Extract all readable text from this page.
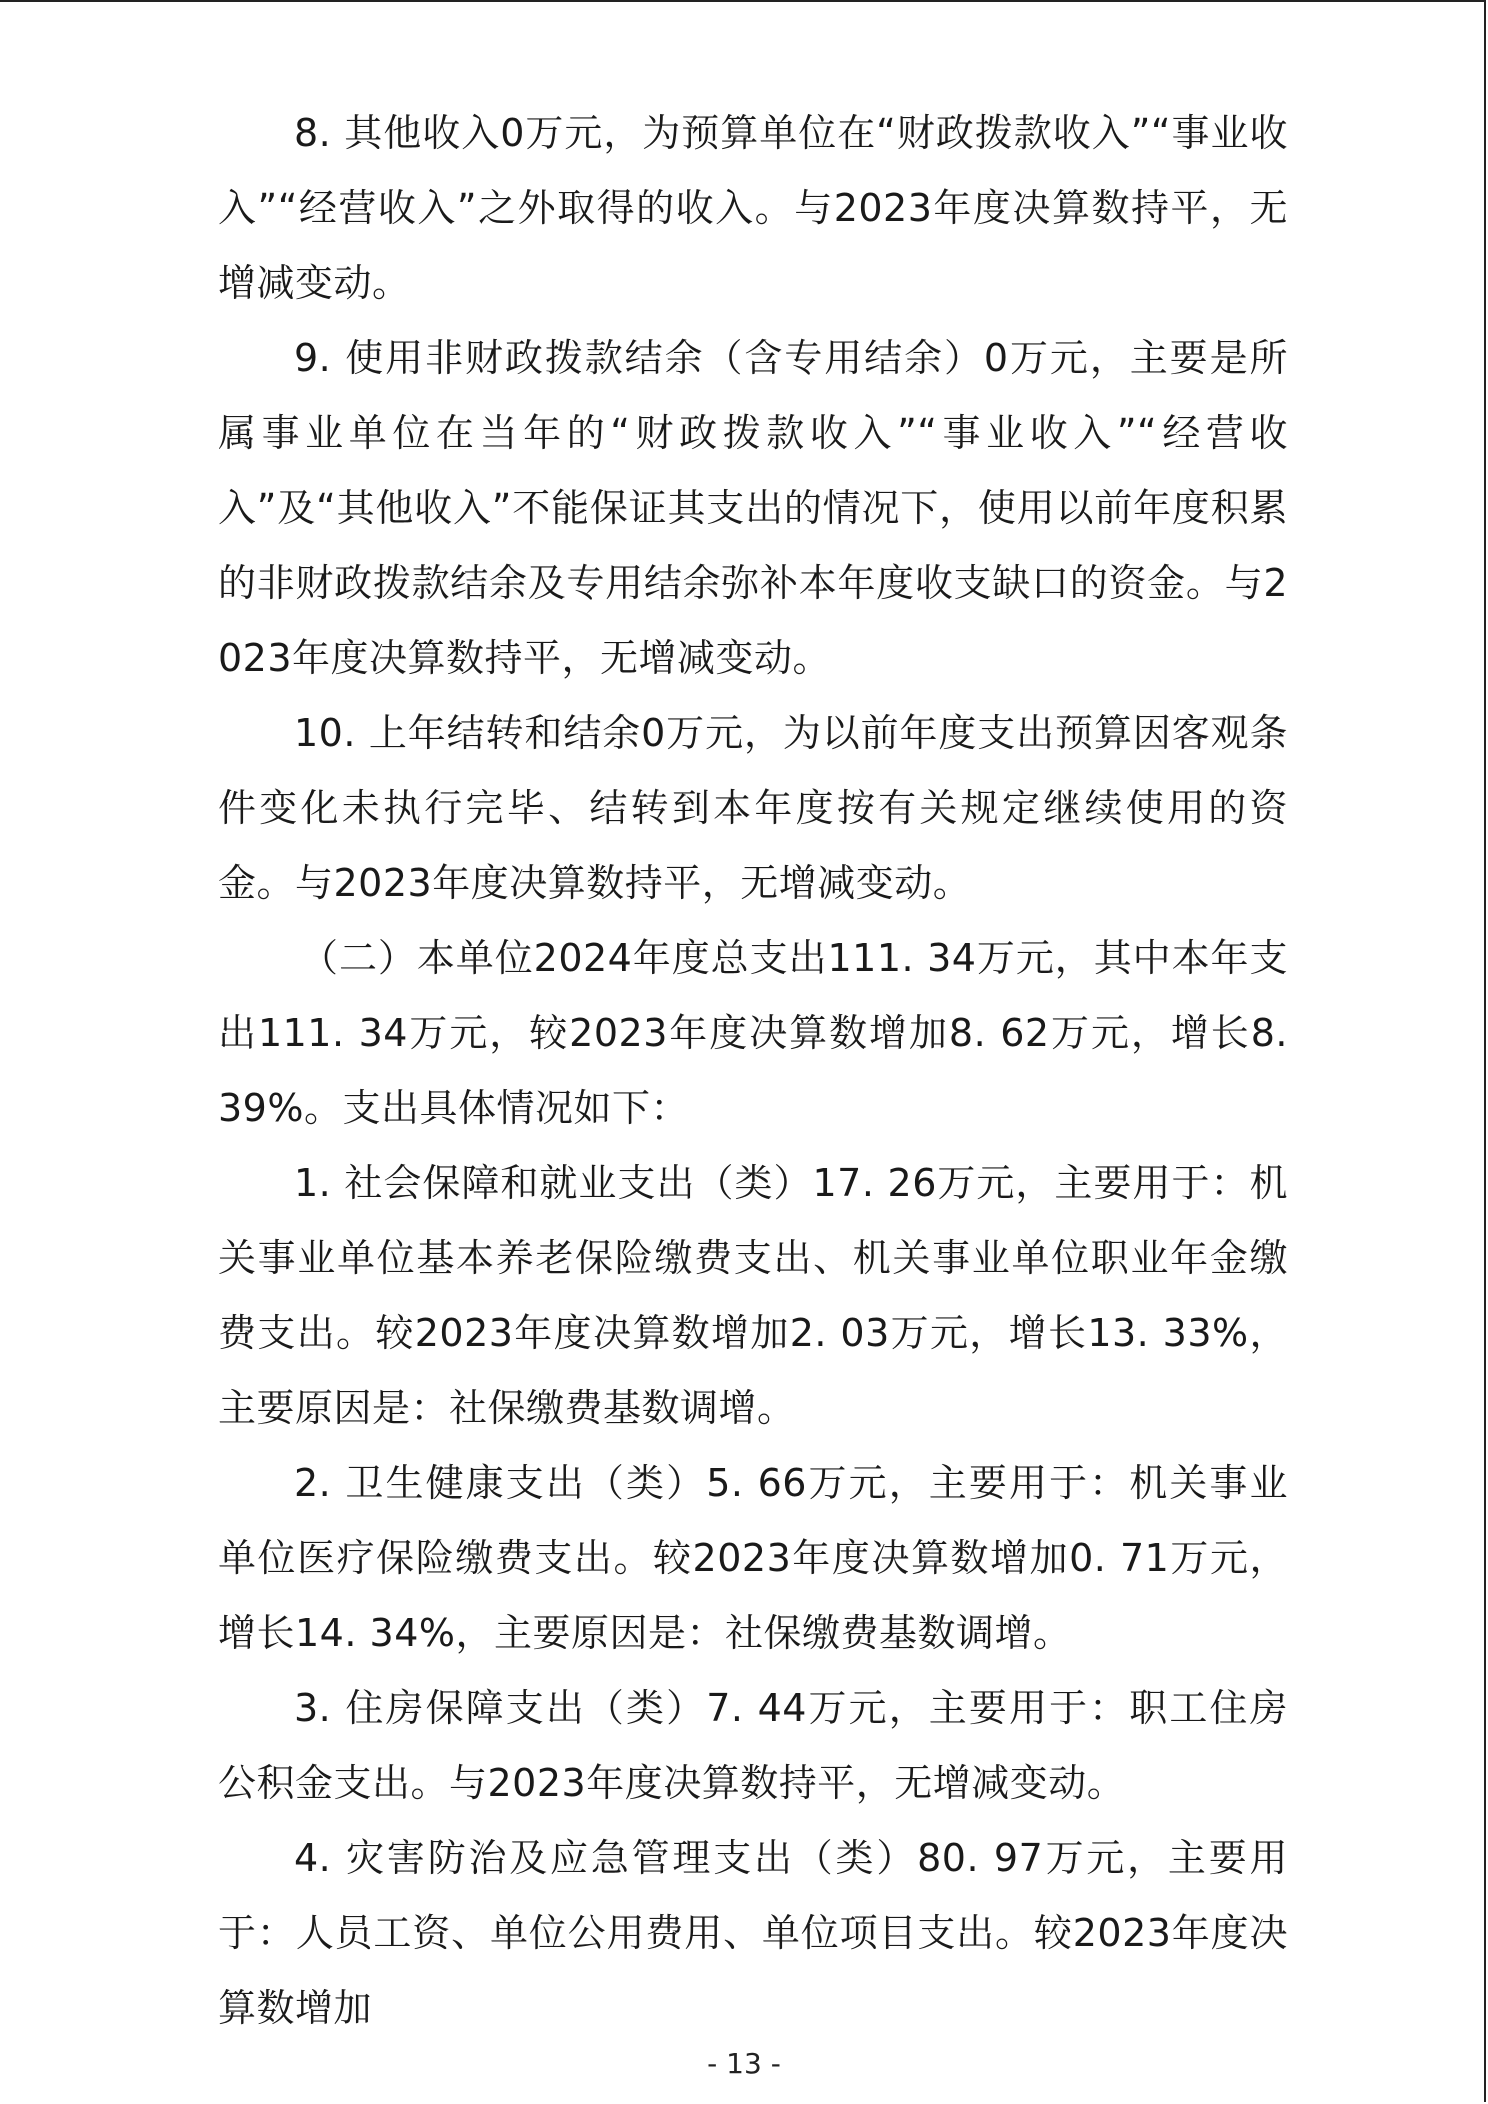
8. 其他收入0万元，为预算单位在“财政拨款收入”“事业收入”“经营收入”之外取得的收入。与2023年度决算数持平，无增减变动。

9. 使用非财政拨款结余（含专用结余）0万元，主要是所属事业单位在当年的“财政拨款收入”“事业收入”“经营收入”及“其他收入”不能保证其支出的情况下，使用以前年度积累的非财政拨款结余及专用结余弥补本年度收支缺口的资金。与2023年度决算数持平，无增减变动。

10. 上年结转和结余0万元，为以前年度支出预算因客观条件变化未执行完毕、结转到本年度按有关规定继续使用的资金。与2023年度决算数持平，无增减变动。

（二）本单位2024年度总支出111. 34万元，其中本年支出111. 34万元，较2023年度决算数增加8. 62万元，增长8. 39%。支出具体情况如下：

1. 社会保障和就业支出（类）17. 26万元，主要用于：机关事业单位基本养老保险缴费支出、机关事业单位职业年金缴费支出。较2023年度决算数增加2. 03万元，增长13. 33%，主要原因是：社保缴费基数调增。

2. 卫生健康支出（类）5. 66万元，主要用于：机关事业单位医疗保险缴费支出。较2023年度决算数增加0. 71万元，增长14. 34%，主要原因是：社保缴费基数调增。

3. 住房保障支出（类）7. 44万元，主要用于：职工住房公积金支出。与2023年度决算数持平，无增减变动。

4. 灾害防治及应急管理支出（类）80. 97万元，主要用于：人员工资、单位公用费用、单位项目支出。较2023年度决算数增加

- 13 -
